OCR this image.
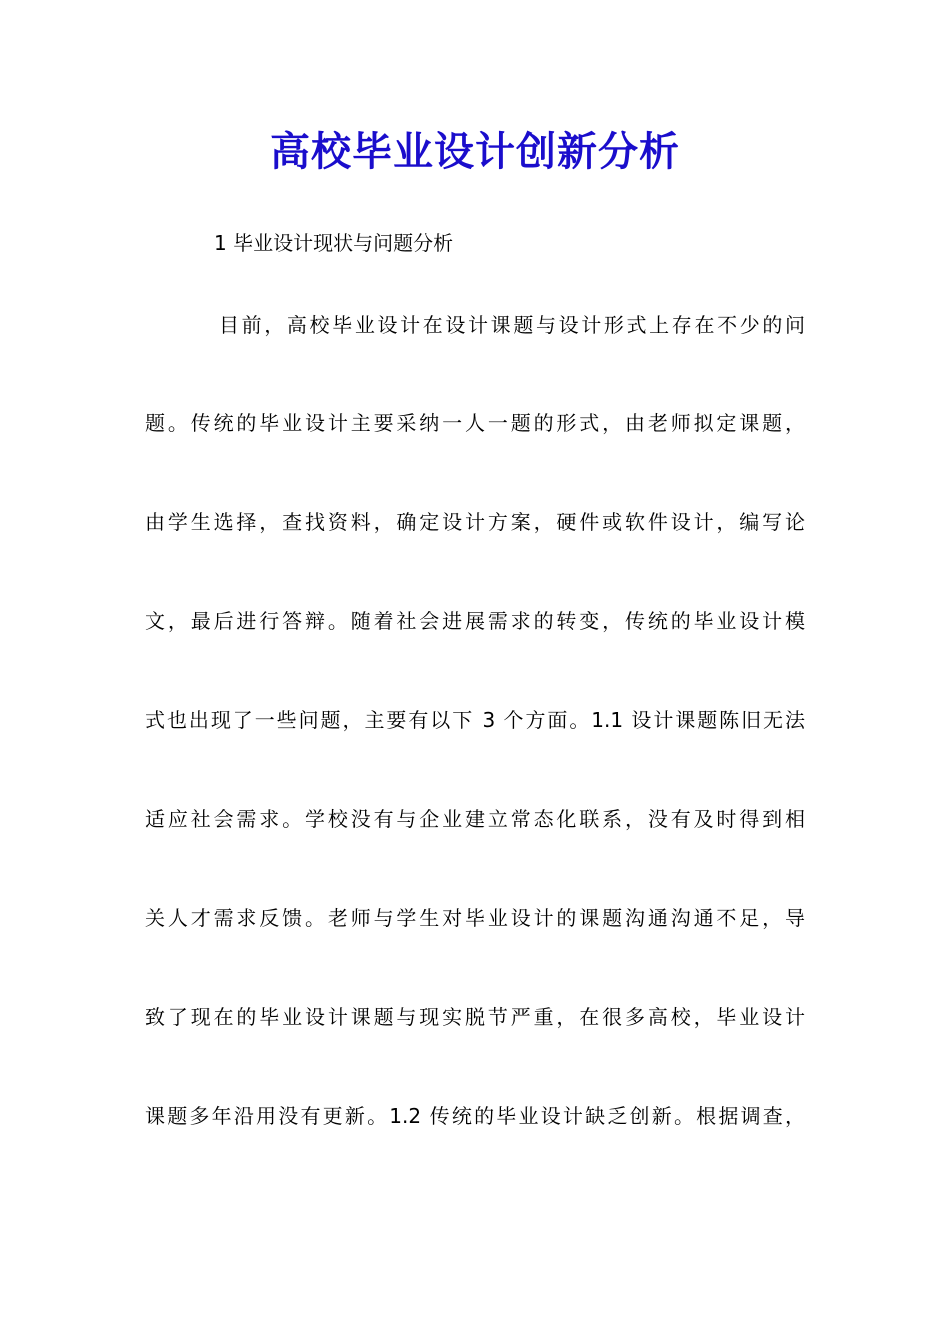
高校毕业设计创新分析
1 毕业设计现状与问题分析
目前，高校毕业设计在设计课题与设计形式上存在不少的问
题。传统的毕业设计主要采纳一人一题的形式，由老师拟定课题，
由学生选择，查找资料，确定设计方案，硬件或软件设计，编写论
文，最后进行答辩。随着社会进展需求的转变，传统的毕业设计模
式也出现了一些问题，主要有以下 3 个方面。1.1 设计课题陈旧无法
适应社会需求。学校没有与企业建立常态化联系，没有及时得到相
关人才需求反馈。老师与学生对毕业设计的课题沟通沟通不足，导
致了现在的毕业设计课题与现实脱节严重，在很多高校，毕业设计
课题多年沿用没有更新。1.2 传统的毕业设计缺乏创新。根据调查，
